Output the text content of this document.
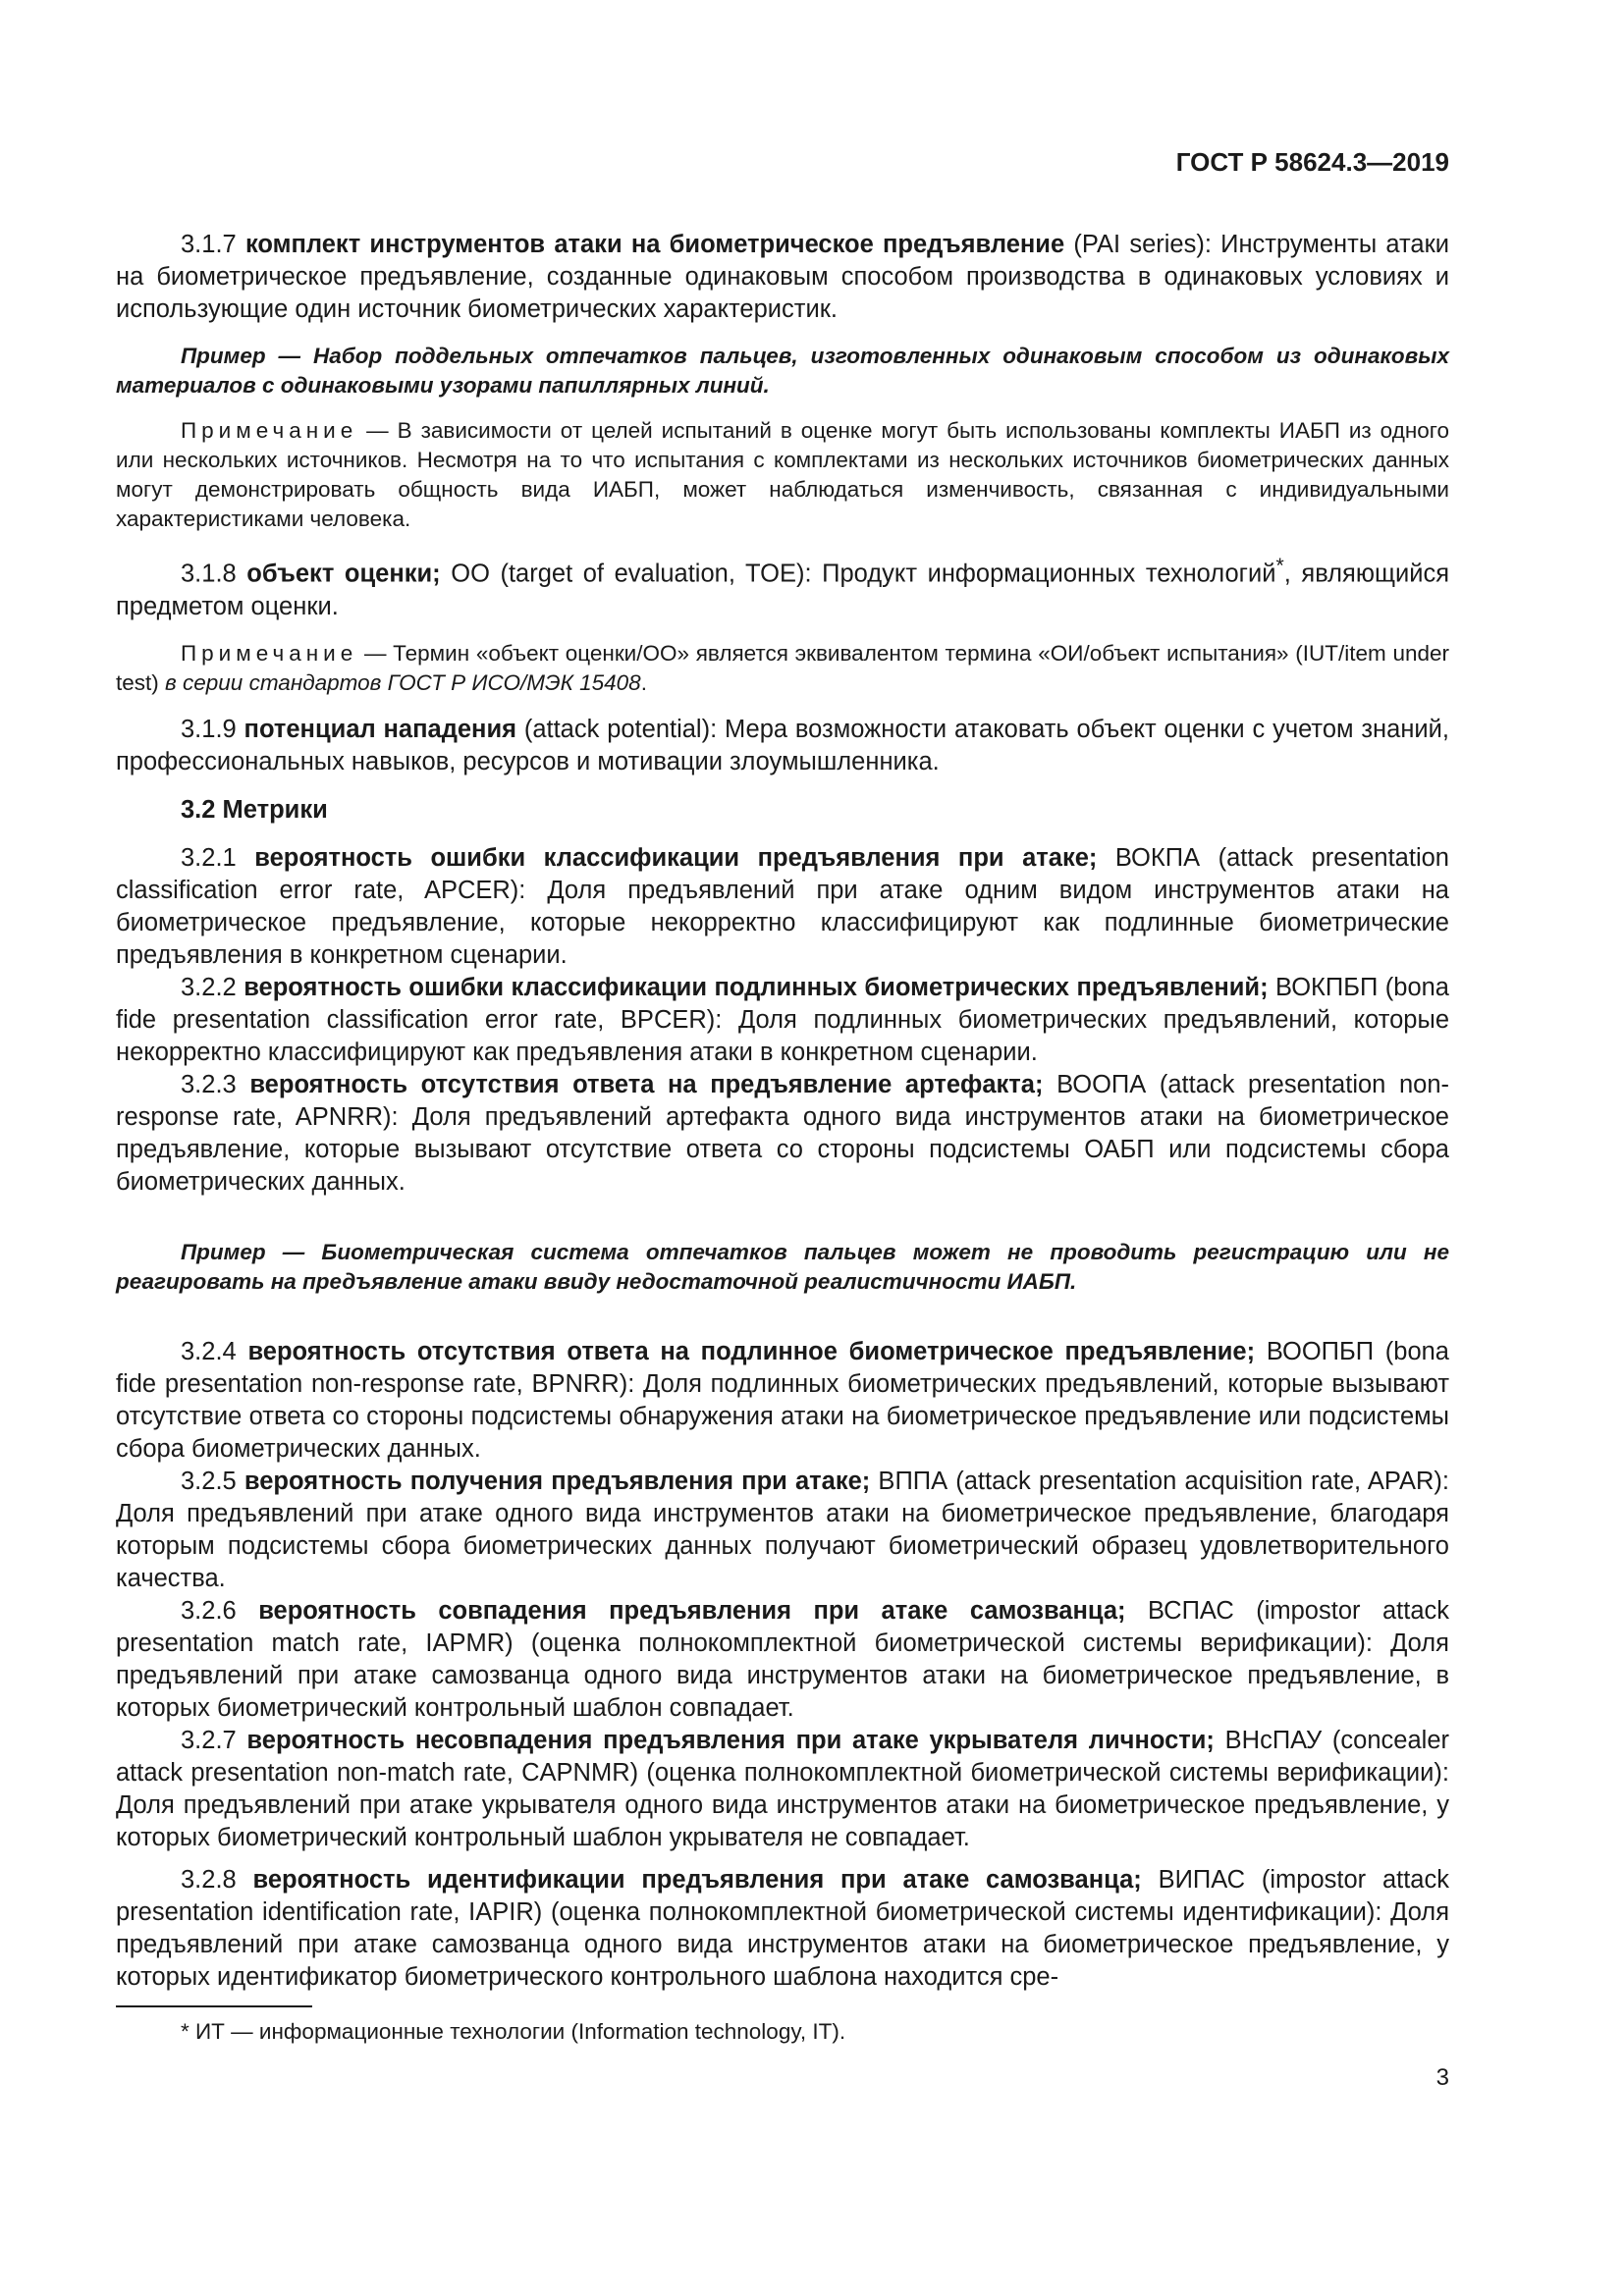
ГОСТ Р 58624.3—2019

3.1.7 комплект инструментов атаки на биометрическое предъявление (PAI series): Инструменты атаки на биометрическое предъявление, созданные одинаковым способом производства в одинаковых условиях и использующие один источник биометрических характеристик.

Пример — Набор поддельных отпечатков пальцев, изготовленных одинаковым способом из одинаковых материалов с одинаковыми узорами папиллярных линий.

Примечание — В зависимости от целей испытаний в оценке могут быть использованы комплекты ИАБП из одного или нескольких источников. Несмотря на то что испытания с комплектами из нескольких источников биометрических данных могут демонстрировать общность вида ИАБП, может наблюдаться изменчивость, связанная с индивидуальными характеристиками человека.

3.1.8 объект оценки; ОО (target of evaluation, TOE): Продукт информационных технологий*, являющийся предметом оценки.

Примечание — Термин «объект оценки/ОО» является эквивалентом термина «ОИ/объект испытания» (IUT/item under test) в серии стандартов ГОСТ Р ИСО/МЭК 15408.

3.1.9 потенциал нападения (attack potential): Мера возможности атаковать объект оценки с учетом знаний, профессиональных навыков, ресурсов и мотивации злоумышленника.

3.2 Метрики

3.2.1 вероятность ошибки классификации предъявления при атаке; ВОКПА (attack presentation classification error rate, APCER): Доля предъявлений при атаке одним видом инструментов атаки на биометрическое предъявление, которые некорректно классифицируют как подлинные биометрические предъявления в конкретном сценарии.

3.2.2 вероятность ошибки классификации подлинных биометрических предъявлений; ВОКПБП (bona fide presentation classification error rate, BPCER): Доля подлинных биометрических предъявлений, которые некорректно классифицируют как предъявления атаки в конкретном сценарии.

3.2.3 вероятность отсутствия ответа на предъявление артефакта; ВООПА (attack presentation non-response rate, APNRR): Доля предъявлений артефакта одного вида инструментов атаки на биометрическое предъявление, которые вызывают отсутствие ответа со стороны подсистемы ОАБП или подсистемы сбора биометрических данных.

Пример — Биометрическая система отпечатков пальцев может не проводить регистрацию или не реагировать на предъявление атаки ввиду недостаточной реалистичности ИАБП.

3.2.4 вероятность отсутствия ответа на подлинное биометрическое предъявление; ВООПБП (bona fide presentation non-response rate, BPNRR): Доля подлинных биометрических предъявлений, которые вызывают отсутствие ответа со стороны подсистемы обнаружения атаки на биометрическое предъявление или подсистемы сбора биометрических данных.

3.2.5 вероятность получения предъявления при атаке; ВППА (attack presentation acquisition rate, APAR): Доля предъявлений при атаке одного вида инструментов атаки на биометрическое предъявление, благодаря которым подсистемы сбора биометрических данных получают биометрический образец удовлетворительного качества.

3.2.6 вероятность совпадения предъявления при атаке самозванца; ВСПАС (impostor attack presentation match rate, IAPMR) (оценка полнокомплектной биометрической системы верификации): Доля предъявлений при атаке самозванца одного вида инструментов атаки на биометрическое предъявление, в которых биометрический контрольный шаблон совпадает.

3.2.7 вероятность несовпадения предъявления при атаке укрывателя личности; ВНсПАУ (concealer attack presentation non-match rate, CAPNMR) (оценка полнокомплектной биометрической системы верификации): Доля предъявлений при атаке укрывателя одного вида инструментов атаки на биометрическое предъявление, у которых биометрический контрольный шаблон укрывателя не совпадает.

3.2.8 вероятность идентификации предъявления при атаке самозванца; ВИПАС (impostor attack presentation identification rate, IAPIR) (оценка полнокомплектной биометрической системы идентификации): Доля предъявлений при атаке самозванца одного вида инструментов атаки на биометрическое предъявление, у которых идентификатор биометрического контрольного шаблона находится сре-

* ИТ — информационные технологии (Information technology, IT).

3
